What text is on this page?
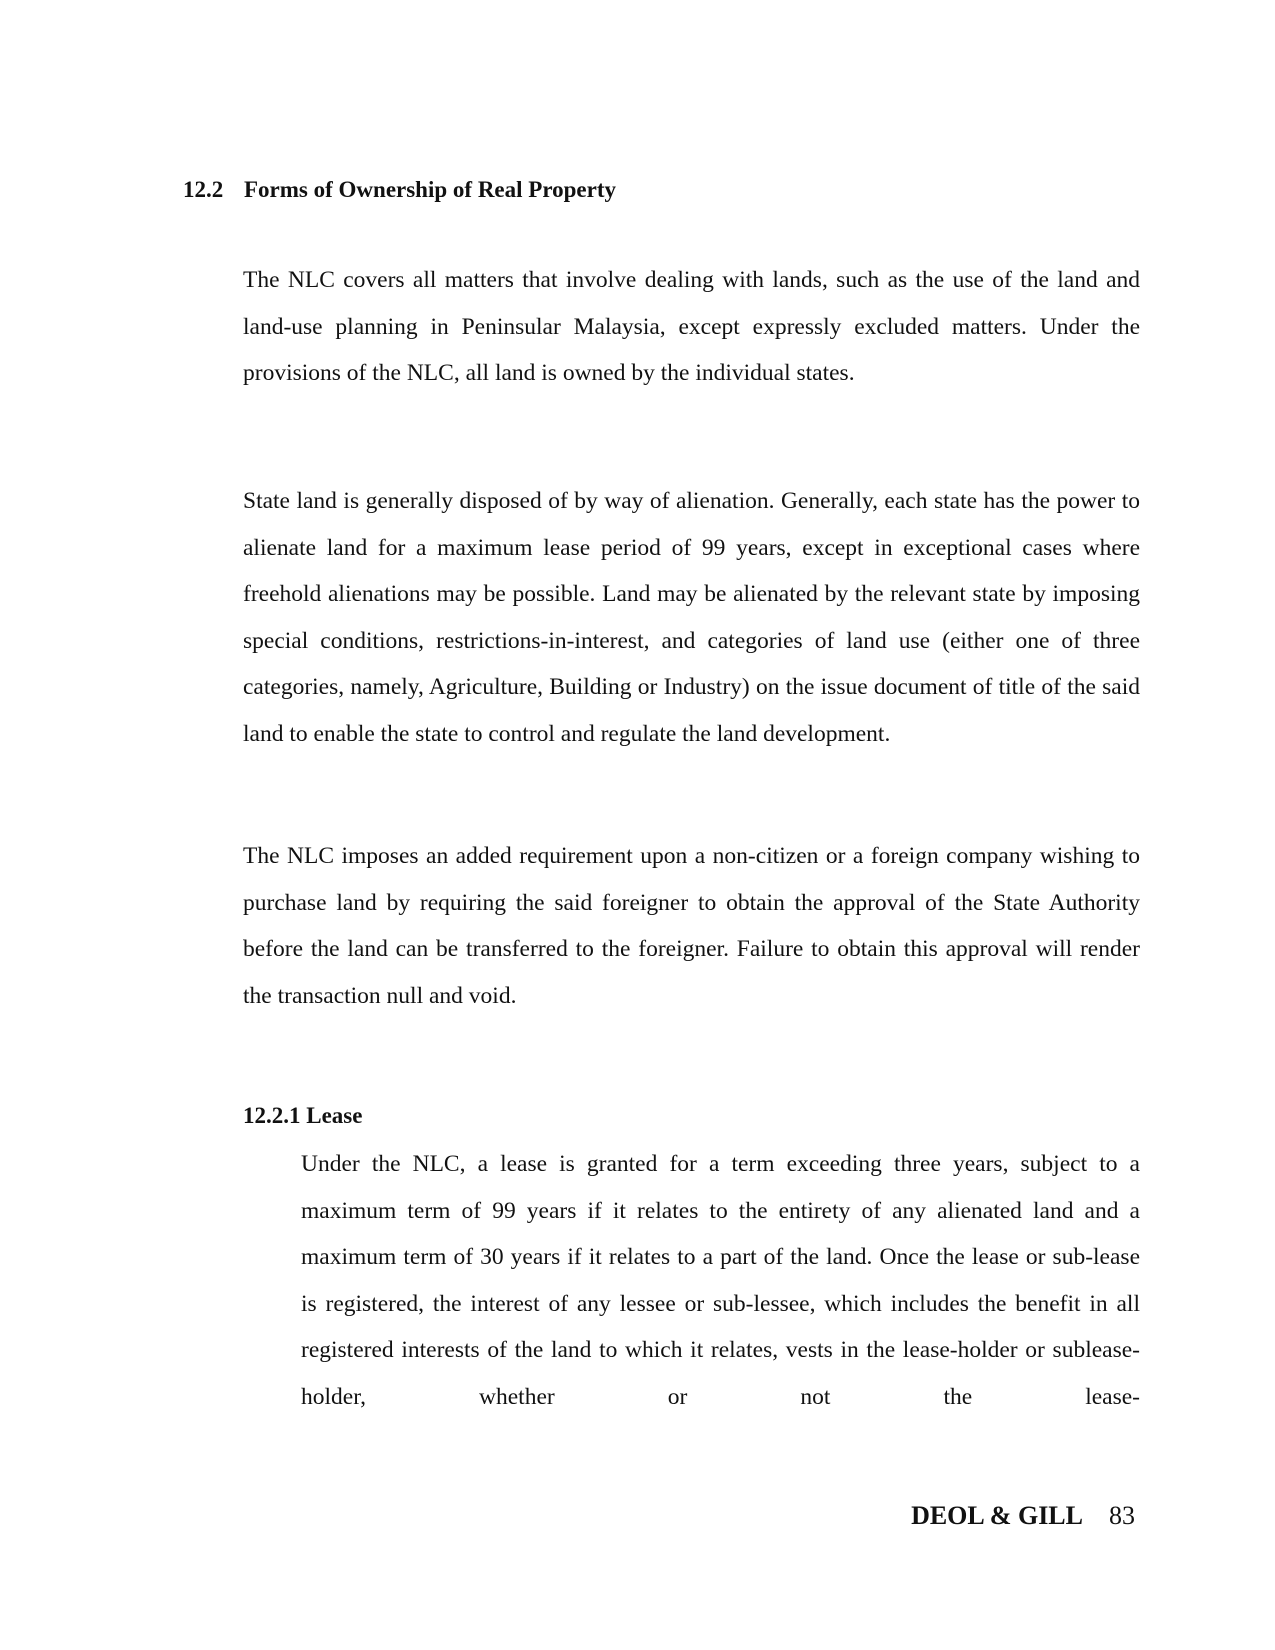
12.2 Forms of Ownership of Real Property

The NLC covers all matters that involve dealing with lands, such as the use of the land and land-use planning in Peninsular Malaysia, except expressly excluded matters. Under the provisions of the NLC, all land is owned by the individual states.

State land is generally disposed of by way of alienation. Generally, each state has the power to alienate land for a maximum lease period of 99 years, except in exceptional cases where freehold alienations may be possible. Land may be alienated by the relevant state by imposing special conditions, restrictions-in-interest, and categories of land use (either one of three categories, namely, Agriculture, Building or Industry) on the issue document of title of the said land to enable the state to control and regulate the land development.

The NLC imposes an added requirement upon a non-citizen or a foreign company wishing to purchase land by requiring the said foreigner to obtain the approval of the State Authority before the land can be transferred to the foreigner. Failure to obtain this approval will render the transaction null and void.

12.2.1 Lease

Under the NLC, a lease is granted for a term exceeding three years, subject to a maximum term of 99 years if it relates to the entirety of any alienated land and a maximum term of 30 years if it relates to a part of the land. Once the lease or sub-lease is registered, the interest of any lessee or sub-lessee, which includes the benefit in all registered interests of the land to which it relates, vests in the lease-holder or sublease-holder, whether or not the lease-

DEOL & GILL 83
